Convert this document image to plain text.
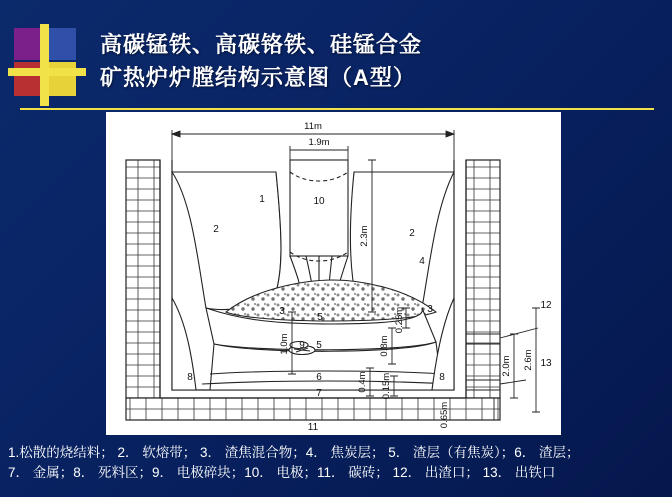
高碳锰铁、高碳铬铁、硅锰合金
矿热炉炉膛结构示意图（A型）
2	2
1	10
4
3
3
5
5
9
6
7
8	8
11
12
13
11m
1.9m
0.65m
2.3m
0.25m
0.8m
1.0m
0.4m 0.15m
2.6m
2.0m
1.松散的烧结料； 2． 软熔带； 3． 渣焦混合物；4． 焦炭层； 5． 渣层（有焦炭）；6． 渣层；
7． 金属；8． 死料区；9． 电极碎块；10． 电极；11． 碳砖； 12． 出渣口； 13． 出铁口
